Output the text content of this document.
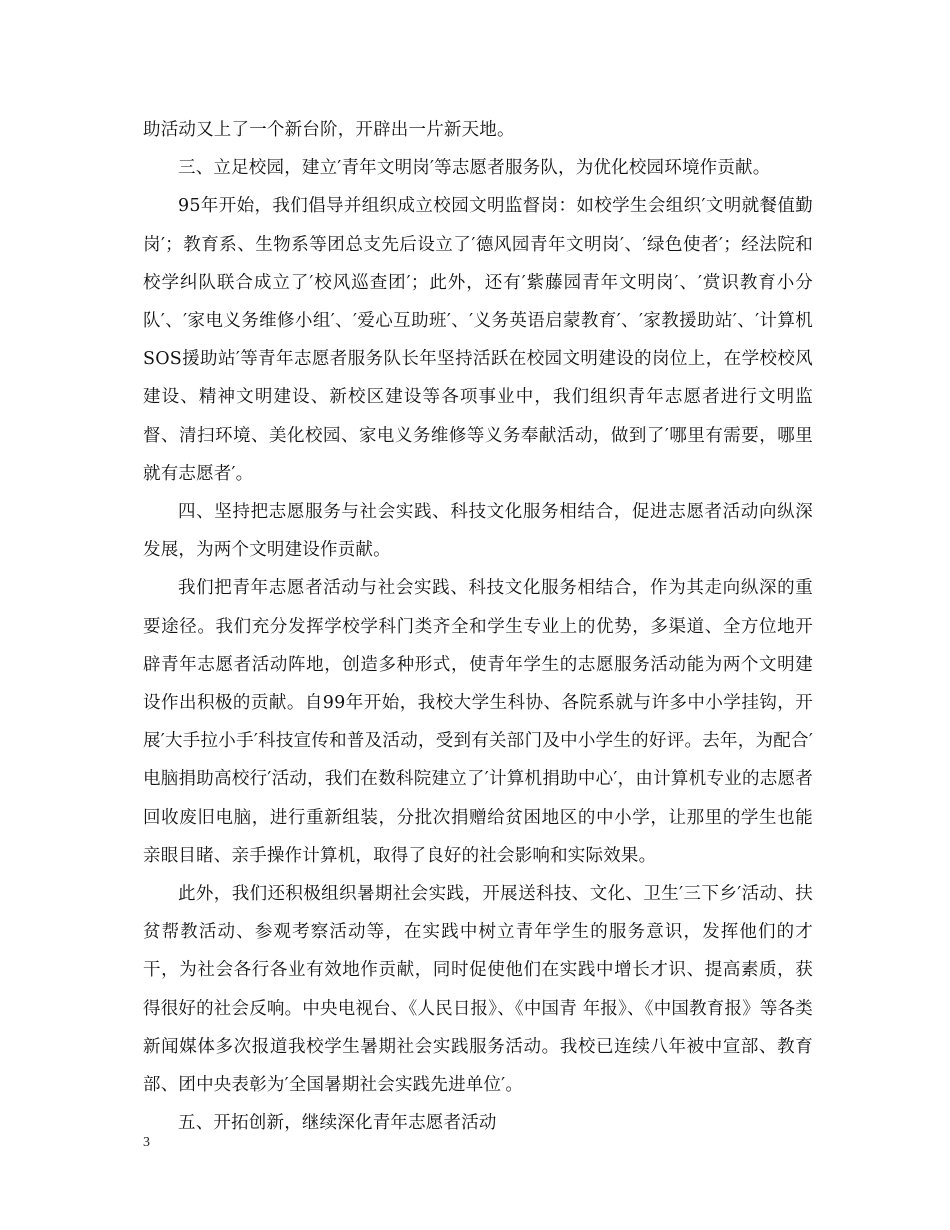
助活动又上了一个新台阶，开辟出一片新天地。

三、立足校园，建立′青年文明岗′等志愿者服务队，为优化校园环境作贡献。

95年开始，我们倡导并组织成立校园文明监督岗：如校学生会组织′文明就餐值勤岗′；教育系、生物系等团总支先后设立了′德风园青年文明岗′、′绿色使者′；经法院和校学纠队联合成立了′校风巡查团′；此外，还有′紫藤园青年文明岗′、′赏识教育小分队′、′家电义务维修小组′、′爱心互助班′、′义务英语启蒙教育′、′家教援助站′、′计算机SOS援助站′等青年志愿者服务队长年坚持活跃在校园文明建设的岗位上，在学校校风建设、精神文明建设、新校区建设等各项事业中，我们组织青年志愿者进行文明监督、清扫环境、美化校园、家电义务维修等义务奉献活动，做到了′哪里有需要，哪里就有志愿者′。

四、坚持把志愿服务与社会实践、科技文化服务相结合，促进志愿者活动向纵深发展，为两个文明建设作贡献。

我们把青年志愿者活动与社会实践、科技文化服务相结合，作为其走向纵深的重要途径。我们充分发挥学校学科门类齐全和学生专业上的优势，多渠道、全方位地开辟青年志愿者活动阵地，创造多种形式，使青年学生的志愿服务活动能为两个文明建设作出积极的贡献。自99年开始，我校大学生科协、各院系就与许多中小学挂钩，开展′大手拉小手′科技宣传和普及活动，受到有关部门及中小学生的好评。去年，为配合′电脑捐助高校行′活动，我们在数科院建立了′计算机捐助中心′，由计算机专业的志愿者回收废旧电脑，进行重新组装，分批次捐赠给贫困地区的中小学，让那里的学生也能亲眼目睹、亲手操作计算机，取得了良好的社会影响和实际效果。

此外，我们还积极组织暑期社会实践，开展送科技、文化、卫生′三下乡′活动、扶贫帮教活动、参观考察活动等，在实践中树立青年学生的服务意识，发挥他们的才干，为社会各行各业有效地作贡献，同时促使他们在实践中增长才识、提高素质，获得很好的社会反响。中央电视台、《人民日报》、《中国青 年报》、《中国教育报》等各类新闻媒体多次报道我校学生暑期社会实践服务活动。我校已连续八年被中宣部、教育部、团中央表彰为′全国暑期社会实践先进单位′。

五、开拓创新，继续深化青年志愿者活动

3
